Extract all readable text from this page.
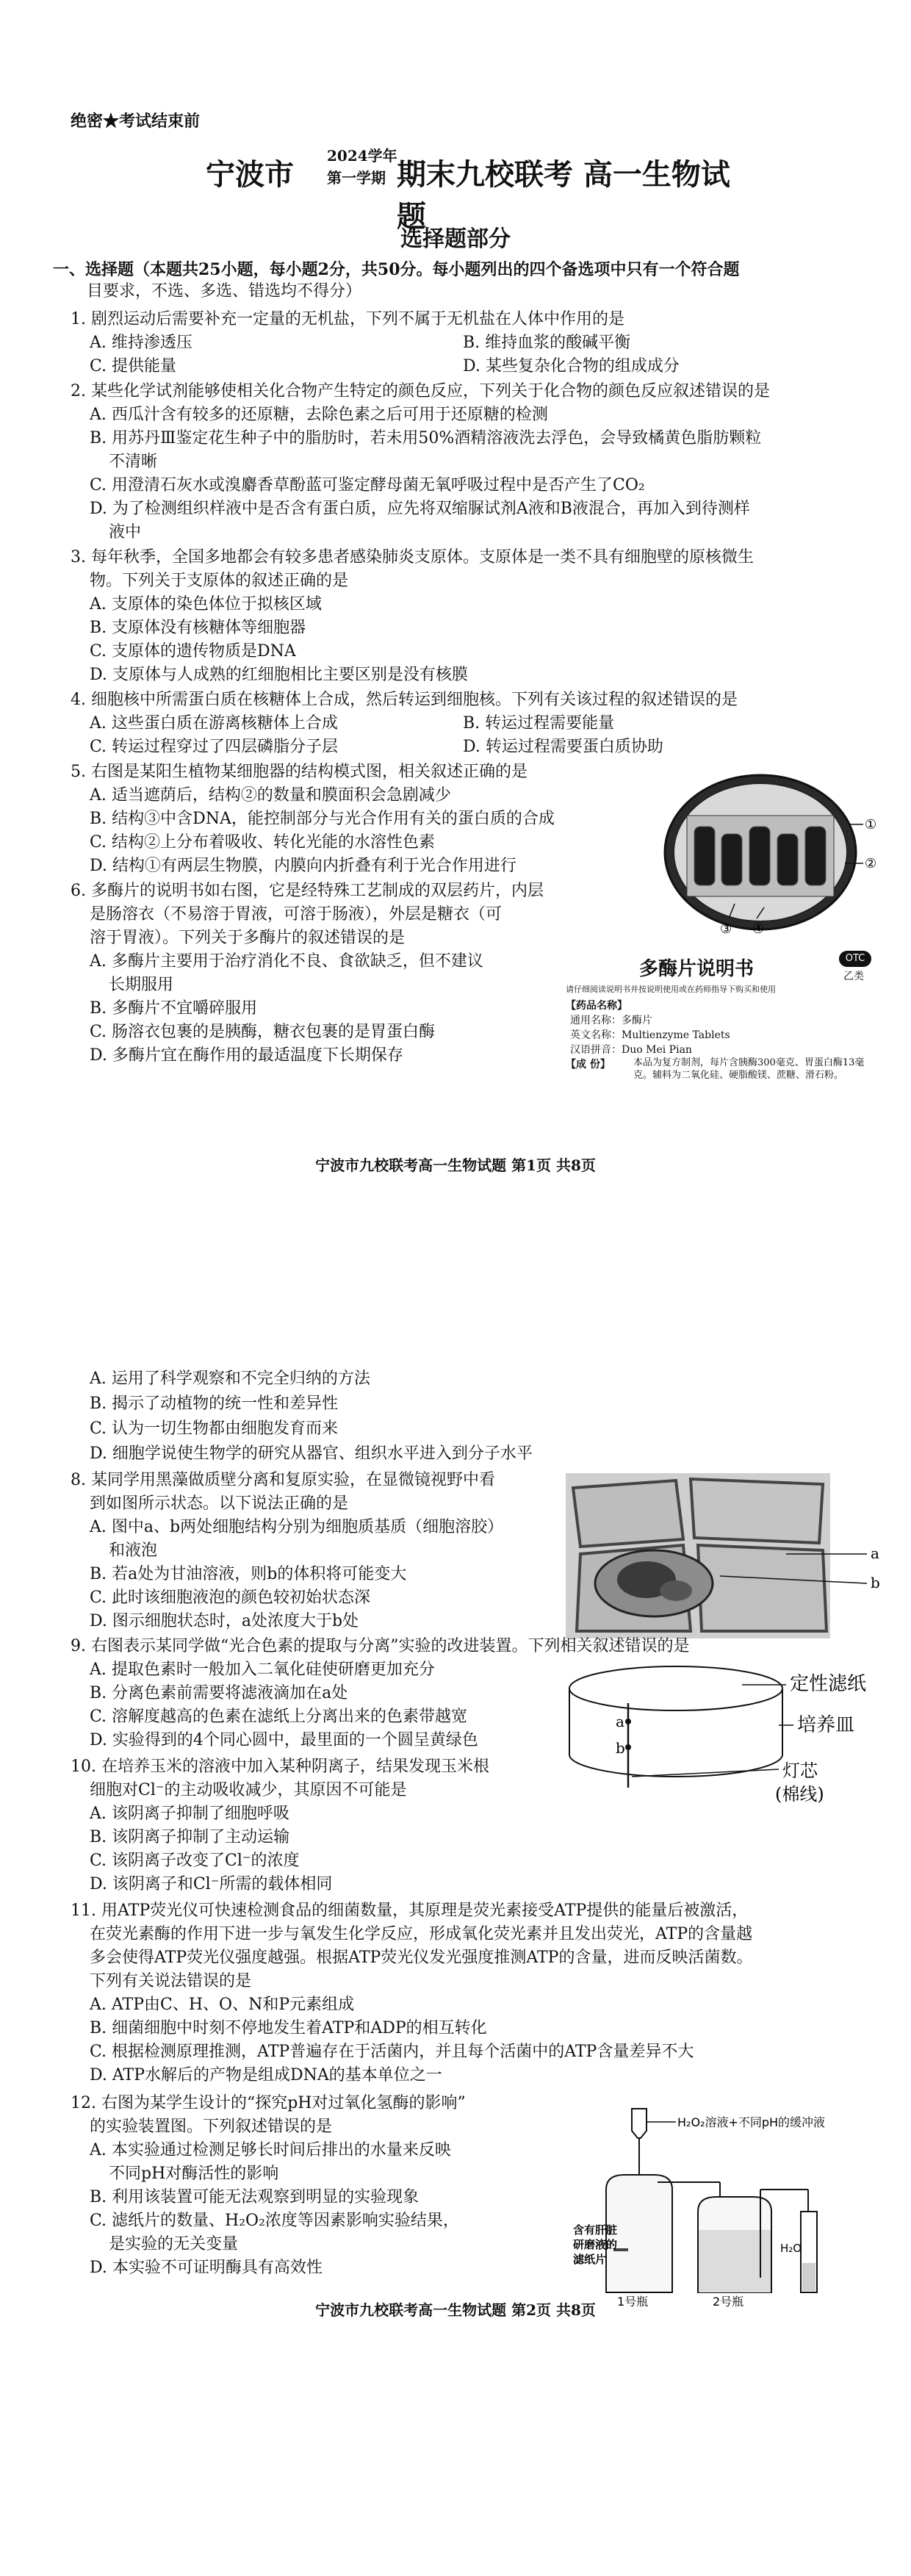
绝密★考试结束前
宁波市
2024学年
第一学期 期末九校联考 高一生物试题
选择题部分
一、选择题（本题共25小题，每小题2分，共50分。每小题列出的四个备选项中只有一个符合题
目要求，不选、多选、错选均不得分）
1. 剧烈运动后需要补充一定量的无机盐，下列不属于无机盐在人体中作用的是
A. 维持渗透压	B. 维持血浆的酸碱平衡
C. 提供能量	D. 某些复杂化合物的组成成分
2. 某些化学试剂能够使相关化合物产生特定的颜色反应，下列关于化合物的颜色反应叙述错误的是
A. 西瓜汁含有较多的还原糖，去除色素之后可用于还原糖的检测
B. 用苏丹Ⅲ鉴定花生种子中的脂肪时，若未用50%酒精溶液洗去浮色，会导致橘黄色脂肪颗粒
不清晰
C. 用澄清石灰水或溴麝香草酚蓝可鉴定酵母菌无氧呼吸过程中是否产生了CO₂
D. 为了检测组织样液中是否含有蛋白质，应先将双缩脲试剂A液和B液混合，再加入到待测样
液中
3. 每年秋季，全国多地都会有较多患者感染肺炎支原体。支原体是一类不具有细胞壁的原核微生
物。下列关于支原体的叙述正确的是
A. 支原体的染色体位于拟核区域
B. 支原体没有核糖体等细胞器
C. 支原体的遗传物质是DNA
D. 支原体与人成熟的红细胞相比主要区别是没有核膜
4. 细胞核中所需蛋白质在核糖体上合成，然后转运到细胞核。下列有关该过程的叙述错误的是
A. 这些蛋白质在游离核糖体上合成	B. 转运过程需要能量
C. 转运过程穿过了四层磷脂分子层	D. 转运过程需要蛋白质协助
5. 右图是某阳生植物某细胞器的结构模式图，相关叙述正确的是
A. 适当遮荫后，结构②的数量和膜面积会急剧减少
B. 结构③中含DNA，能控制部分与光合作用有关的蛋白质的合成
C. 结构②上分布着吸收、转化光能的水溶性色素
D. 结构①有两层生物膜，内膜向内折叠有利于光合作用进行
①
②
③ ④
6. 多酶片的说明书如右图，它是经特殊工艺制成的双层药片，内层
是肠溶衣（不易溶于胃液，可溶于肠液），外层是糖衣（可
溶于胃液）。下列关于多酶片的叙述错误的是
A. 多酶片主要用于治疗消化不良、食欲缺乏，但不建议
长期服用
B. 多酶片不宜嚼碎服用
C. 肠溶衣包裹的是胰酶，糖衣包裹的是胃蛋白酶
D. 多酶片宜在酶作用的最适温度下长期保存
多酶片说明书	OTC
乙类
请仔细阅读说明书并按说明使用或在药师指导下购买和使用
【药品名称】
通用名称：多酶片
英文名称：Multienzyme Tablets
汉语拼音：Duo Mei Pian
【成 份】 本品为复方制剂，每片含胰酶300毫克、胃蛋白酶13毫克。辅料为二氧化硅、硬脂酸镁、蔗糖、滑石粉。
宁波市九校联考高一生物试题 第1页 共8页
A. 运用了科学观察和不完全归纳的方法
B. 揭示了动植物的统一性和差异性
C. 认为一切生物都由细胞发育而来
D. 细胞学说使生物学的研究从器官、组织水平进入到分子水平
8. 某同学用黑藻做质壁分离和复原实验，在显微镜视野中看
到如图所示状态。以下说法正确的是
A. 图中a、b两处细胞结构分别为细胞质基质（细胞溶胶）
和液泡
B. 若a处为甘油溶液，则b的体积将可能变大
C. 此时该细胞液泡的颜色较初始状态深
D. 图示细胞状态时，a处浓度大于b处
a
b
9. 右图表示某同学做“光合色素的提取与分离”实验的改进装置。下列相关叙述错误的是
A. 提取色素时一般加入二氧化硅使研磨更加充分
B. 分离色素前需要将滤液滴加在a处
C. 溶解度越高的色素在滤纸上分离出来的色素带越宽
D. 实验得到的4个同心圆中，最里面的一个圆呈黄绿色
a
b
定性滤纸
培养皿
灯芯
(棉线)
10. 在培养玉米的溶液中加入某种阴离子，结果发现玉米根
细胞对Cl⁻的主动吸收减少，其原因不可能是
A. 该阴离子抑制了细胞呼吸
B. 该阴离子抑制了主动运输
C. 该阴离子改变了Cl⁻的浓度
D. 该阴离子和Cl⁻所需的载体相同
11. 用ATP荧光仪可快速检测食品的细菌数量，其原理是荧光素接受ATP提供的能量后被激活，
在荧光素酶的作用下进一步与氧发生化学反应，形成氧化荧光素并且发出荧光，ATP的含量越
多会使得ATP荧光仪强度越强。根据ATP荧光仪发光强度推测ATP的含量，进而反映活菌数。
下列有关说法错误的是
A. ATP由C、H、O、N和P元素组成
B. 细菌细胞中时刻不停地发生着ATP和ADP的相互转化
C. 根据检测原理推测，ATP普遍存在于活菌内，并且每个活菌中的ATP含量差异不大
D. ATP水解后的产物是组成DNA的基本单位之一
12. 右图为某学生设计的“探究pH对过氧化氢酶的影响”
的实验装置图。下列叙述错误的是
A. 本实验通过检测足够长时间后排出的水量来反映
不同pH对酶活性的影响
B. 利用该装置可能无法观察到明显的实验现象
C. 滤纸片的数量、H₂O₂浓度等因素影响实验结果，
是实验的无关变量
D. 本实验不可证明酶具有高效性
H₂O₂溶液+不同pH的缓冲液
含有肝脏
研磨液的
滤纸片
1号瓶	2号瓶
H₂O
宁波市九校联考高一生物试题 第2页 共8页
